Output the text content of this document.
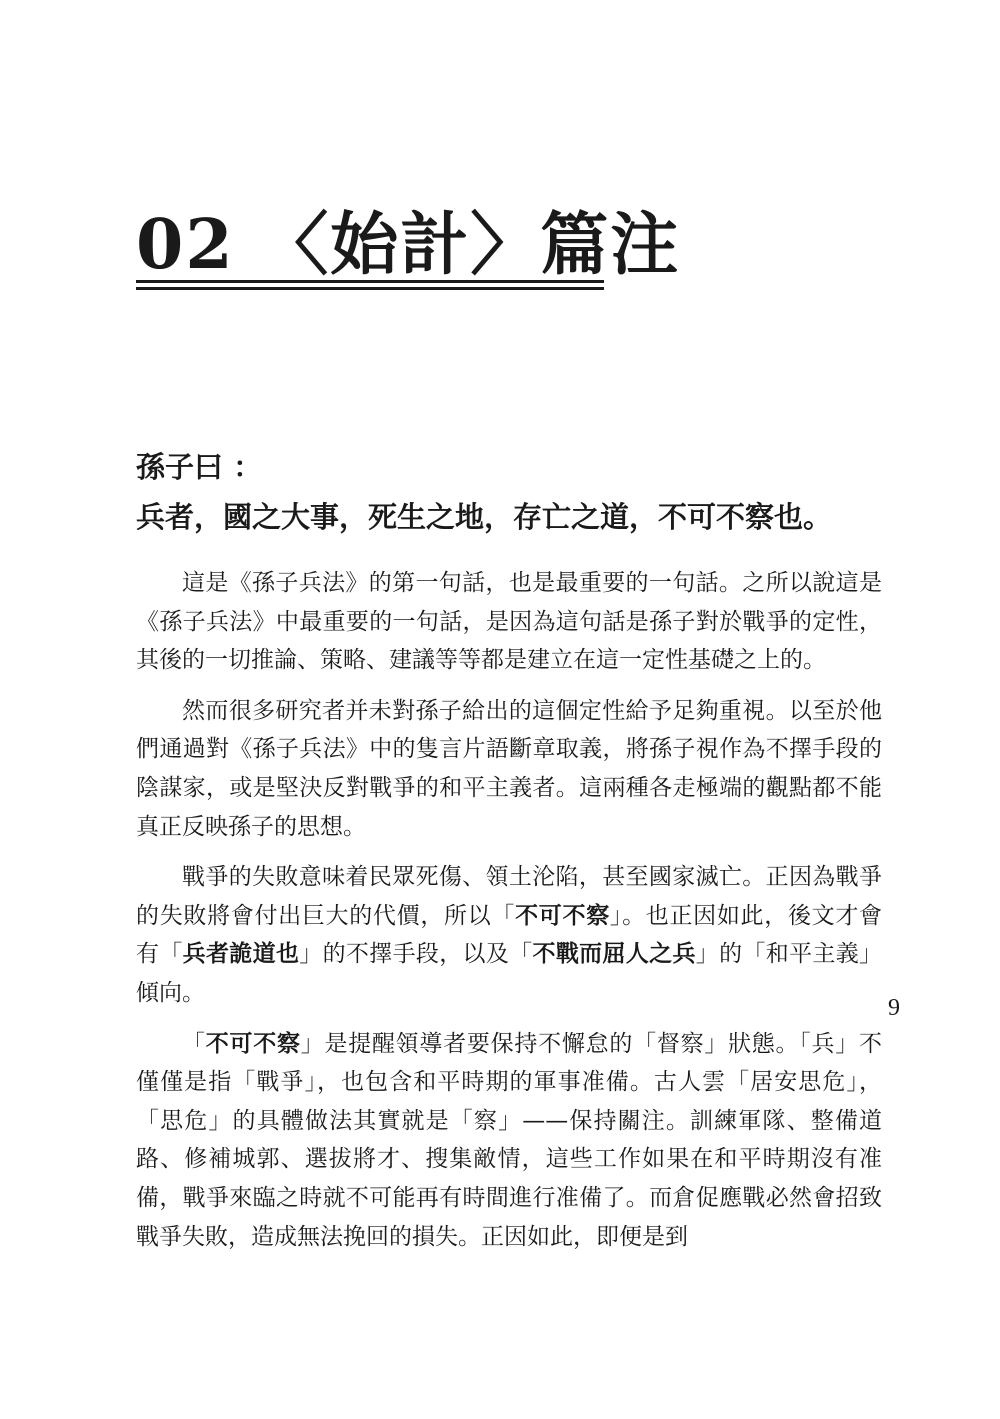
02 〈始計〉篇注
孫子曰 ：
兵者，國之大事，死生之地，存亡之道，不可不察也。

這是《孫子兵法》的第一句話，也是最重要的一句話。之所以說這是《孫子兵法》中最重要的一句話，是因為這句話是孫子對於戰爭的定性，其後的一切推論、策略、建議等等都是建立在這一定性基礎之上的。

然而很多研究者并未對孫子給出的這個定性給予足夠重視。以至於他們通過對《孫子兵法》中的隻言片語斷章取義，將孫子視作為不擇手段的陰謀家，或是堅決反對戰爭的和平主義者。這兩種各走極端的觀點都不能真正反映孫子的思想。

戰爭的失敗意味着民眾死傷、領土沦陷，甚至國家滅亡。正因為戰爭的失敗將會付出巨大的代價，所以「不可不察」。也正因如此，後文才會有「兵者詭道也」的不擇手段，以及「不戰而屈人之兵」的「和平主義」傾向。

「不可不察」是提醒領導者要保持不懈怠的「督察」狀態。「兵」不僅僅是指「戰爭」，也包含和平時期的軍事准備。古人雲「居安思危」，「思危」的具體做法其實就是「察」——保持關注。訓練軍隊、整備道路、修補城郭、選拔將才、搜集敵情，這些工作如果在和平時期沒有准備，戰爭來臨之時就不可能再有時間進行准備了。而倉促應戰必然會招致戰爭失敗，造成無法挽回的損失。正因如此，即便是到

9
